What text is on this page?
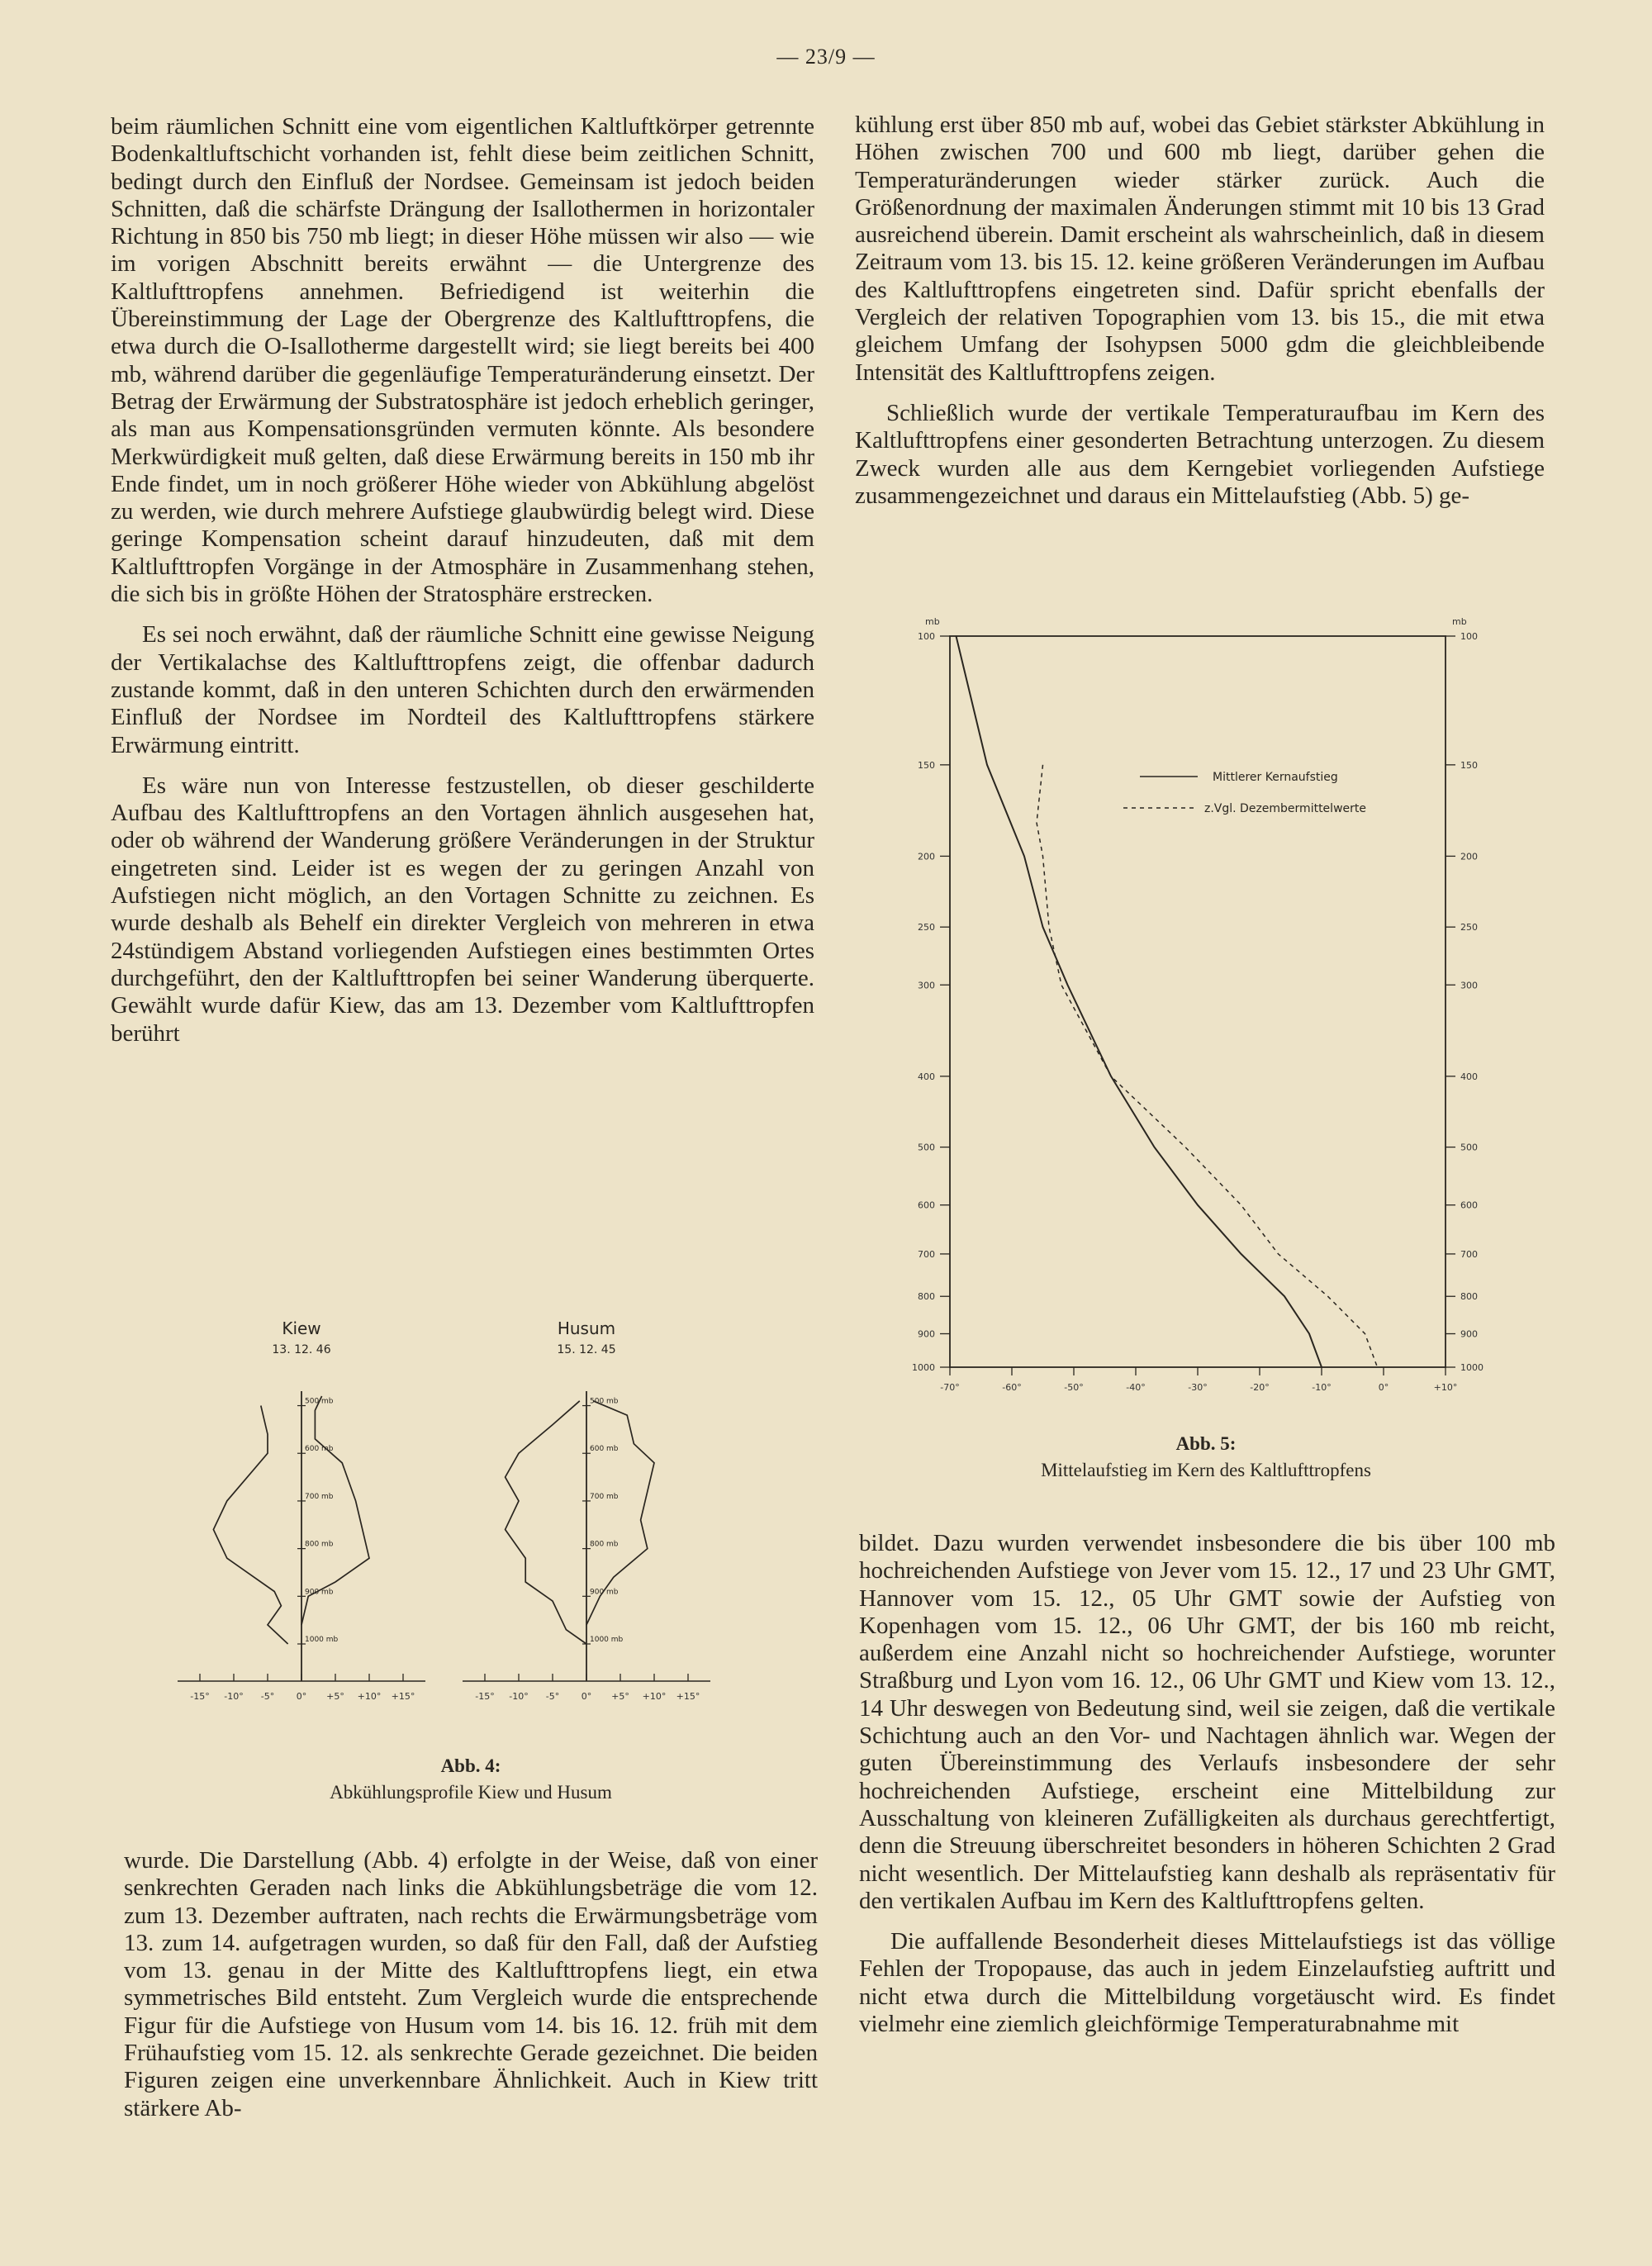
— 23/9 —

beim räumlichen Schnitt eine vom eigentlichen Kaltluftkörper getrennte Bodenkaltluftschicht vorhanden ist, fehlt diese beim zeitlichen Schnitt, bedingt durch den Einfluß der Nordsee. Gemeinsam ist jedoch beiden Schnitten, daß die schärfste Drängung der Isallothermen in horizontaler Richtung in 850 bis 750 mb liegt; in dieser Höhe müssen wir also — wie im vorigen Abschnitt bereits erwähnt — die Untergrenze des Kaltlufttropfens annehmen. Befriedigend ist weiterhin die Übereinstimmung der Lage der Obergrenze des Kaltlufttropfens, die etwa durch die O-Isallotherme dargestellt wird; sie liegt bereits bei 400 mb, während darüber die gegenläufige Temperaturänderung einsetzt. Der Betrag der Erwärmung der Substratosphäre ist jedoch erheblich geringer, als man aus Kompensationsgründen vermuten könnte. Als besondere Merkwürdigkeit muß gelten, daß diese Erwärmung bereits in 150 mb ihr Ende findet, um in noch größerer Höhe wieder von Abkühlung abgelöst zu werden, wie durch mehrere Aufstiege glaubwürdig belegt wird. Diese geringe Kompensation scheint darauf hinzudeuten, daß mit dem Kaltlufttropfen Vorgänge in der Atmosphäre in Zusammenhang stehen, die sich bis in größte Höhen der Stratosphäre erstrecken.

Es sei noch erwähnt, daß der räumliche Schnitt eine gewisse Neigung der Vertikalachse des Kaltlufttropfens zeigt, die offenbar dadurch zustande kommt, daß in den unteren Schichten durch den erwärmenden Einfluß der Nordsee im Nordteil des Kaltlufttropfens stärkere Erwärmung eintritt.

Es wäre nun von Interesse festzustellen, ob dieser geschilderte Aufbau des Kaltlufttropfens an den Vortagen ähnlich ausgesehen hat, oder ob während der Wanderung größere Veränderungen in der Struktur eingetreten sind. Leider ist es wegen der zu geringen Anzahl von Aufstiegen nicht möglich, an den Vortagen Schnitte zu zeichnen. Es wurde deshalb als Behelf ein direkter Vergleich von mehreren in etwa 24stündigem Abstand vorliegenden Aufstiegen eines bestimmten Ortes durchgeführt, den der Kaltlufttropfen bei seiner Wanderung überquerte. Gewählt wurde dafür Kiew, das am 13. Dezember vom Kaltlufttropfen berührt

kühlung erst über 850 mb auf, wobei das Gebiet stärkster Abkühlung in Höhen zwischen 700 und 600 mb liegt, darüber gehen die Temperaturänderungen wieder stärker zurück. Auch die Größenordnung der maximalen Änderungen stimmt mit 10 bis 13 Grad ausreichend überein. Damit erscheint als wahrscheinlich, daß in diesem Zeitraum vom 13. bis 15. 12. keine größeren Veränderungen im Aufbau des Kaltlufttropfens eingetreten sind. Dafür spricht ebenfalls der Vergleich der relativen Topographien vom 13. bis 15., die mit etwa gleichem Umfang der Isohypsen 5000 gdm die gleichbleibende Intensität des Kaltlufttropfens zeigen.

Schließlich wurde der vertikale Temperaturaufbau im Kern des Kaltlufttropfens einer gesonderten Betrachtung unterzogen. Zu diesem Zweck wurden alle aus dem Kerngebiet vorliegenden Aufstiege zusammengezeichnet und daraus ein Mittelaufstieg (Abb. 5) ge-

Kiew
13. 12. 46
-15° -10° -5° 0° +5° +10° +15°
500 mb
600 mb
700 mb
800 mb
900 mb
1000 mb
Husum
15. 12. 45
-15° -10° -5° 0° +5° +10° +15°
500 mb
600 mb
700 mb
800 mb
900 mb
1000 mb
Abb. 4:
Abkühlungsprofile Kiew und Husum
mb	mb
100	100
150	150
200	200
250	250
300	300
400	400
500	500
600	600
700	700
800	800
900	900
1000	1000
-70°	-60°	-50°	-40°	-30°	-20°	-10°	0°	+10°
Mittlerer Kernaufstieg
z.Vgl. Dezembermittelwerte
Abb. 5:
Mittelaufstieg im Kern des Kaltlufttropfens

wurde. Die Darstellung (Abb. 4) erfolgte in der Weise, daß von einer senkrechten Geraden nach links die Abkühlungsbeträge die vom 12. zum 13. Dezember auftraten, nach rechts die Erwärmungsbeträge vom 13. zum 14. aufgetragen wurden, so daß für den Fall, daß der Aufstieg vom 13. genau in der Mitte des Kaltlufttropfens liegt, ein etwa symmetrisches Bild entsteht. Zum Vergleich wurde die entsprechende Figur für die Aufstiege von Husum vom 14. bis 16. 12. früh mit dem Frühaufstieg vom 15. 12. als senkrechte Gerade gezeichnet. Die beiden Figuren zeigen eine unverkennbare Ähnlichkeit. Auch in Kiew tritt stärkere Ab-

bildet. Dazu wurden verwendet insbesondere die bis über 100 mb hochreichenden Aufstiege von Jever vom 15. 12., 17 und 23 Uhr GMT, Hannover vom 15. 12., 05 Uhr GMT sowie der Aufstieg von Kopenhagen vom 15. 12., 06 Uhr GMT, der bis 160 mb reicht, außerdem eine Anzahl nicht so hochreichender Aufstiege, worunter Straßburg und Lyon vom 16. 12., 06 Uhr GMT und Kiew vom 13. 12., 14 Uhr deswegen von Bedeutung sind, weil sie zeigen, daß die vertikale Schichtung auch an den Vor- und Nachtagen ähnlich war. Wegen der guten Übereinstimmung des Verlaufs insbesondere der sehr hochreichenden Aufstiege, erscheint eine Mittelbildung zur Ausschaltung von kleineren Zufälligkeiten als durchaus gerechtfertigt, denn die Streuung überschreitet besonders in höheren Schichten 2 Grad nicht wesentlich. Der Mittelaufstieg kann deshalb als repräsentativ für den vertikalen Aufbau im Kern des Kaltlufttropfens gelten.

Die auffallende Besonderheit dieses Mittelaufstiegs ist das völlige Fehlen der Tropopause, das auch in jedem Einzelaufstieg auftritt und nicht etwa durch die Mittelbildung vorgetäuscht wird. Es findet vielmehr eine ziemlich gleichförmige Temperaturabnahme mit
